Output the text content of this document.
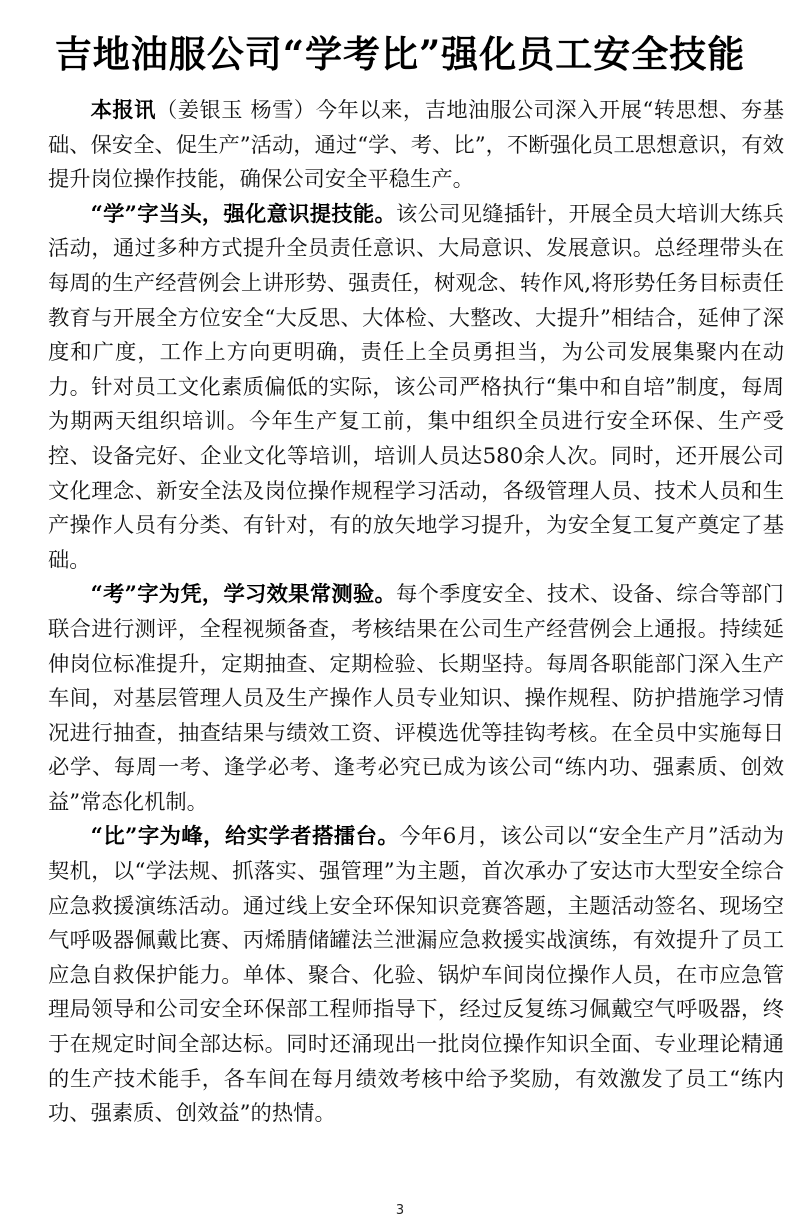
吉地油服公司“学考比”强化员工安全技能

本报讯（姜银玉 杨雪）今年以来，吉地油服公司深入开展“转思想、夯基础、保安全、促生产”活动，通过“学、考、比”，不断强化员工思想意识，有效提升岗位操作技能，确保公司安全平稳生产。

“学”字当头，强化意识提技能。该公司见缝插针，开展全员大培训大练兵活动，通过多种方式提升全员责任意识、大局意识、发展意识。总经理带头在每周的生产经营例会上讲形势、强责任，树观念、转作风,将形势任务目标责任教育与开展全方位安全“大反思、大体检、大整改、大提升”相结合，延伸了深度和广度，工作上方向更明确，责任上全员勇担当，为公司发展集聚内在动力。针对员工文化素质偏低的实际，该公司严格执行“集中和自培”制度，每周为期两天组织培训。今年生产复工前，集中组织全员进行安全环保、生产受控、设备完好、企业文化等培训，培训人员达580余人次。同时，还开展公司文化理念、新安全法及岗位操作规程学习活动，各级管理人员、技术人员和生产操作人员有分类、有针对，有的放矢地学习提升，为安全复工复产奠定了基础。

“考”字为凭，学习效果常测验。每个季度安全、技术、设备、综合等部门联合进行测评，全程视频备查，考核结果在公司生产经营例会上通报。持续延伸岗位标准提升，定期抽查、定期检验、长期坚持。每周各职能部门深入生产车间，对基层管理人员及生产操作人员专业知识、操作规程、防护措施学习情况进行抽查，抽查结果与绩效工资、评模选优等挂钩考核。在全员中实施每日必学、每周一考、逢学必考、逢考必究已成为该公司“练内功、强素质、创效益”常态化机制。

“比”字为峰，给实学者搭擂台。今年6月，该公司以“安全生产月”活动为契机，以“学法规、抓落实、强管理”为主题，首次承办了安达市大型安全综合应急救援演练活动。通过线上安全环保知识竞赛答题，主题活动签名、现场空气呼吸器佩戴比赛、丙烯腈储罐法兰泄漏应急救援实战演练，有效提升了员工应急自救保护能力。单体、聚合、化验、锅炉车间岗位操作人员，在市应急管理局领导和公司安全环保部工程师指导下，经过反复练习佩戴空气呼吸器，终于在规定时间全部达标。同时还涌现出一批岗位操作知识全面、专业理论精通的生产技术能手，各车间在每月绩效考核中给予奖励，有效激发了员工“练内功、强素质、创效益”的热情。

3
